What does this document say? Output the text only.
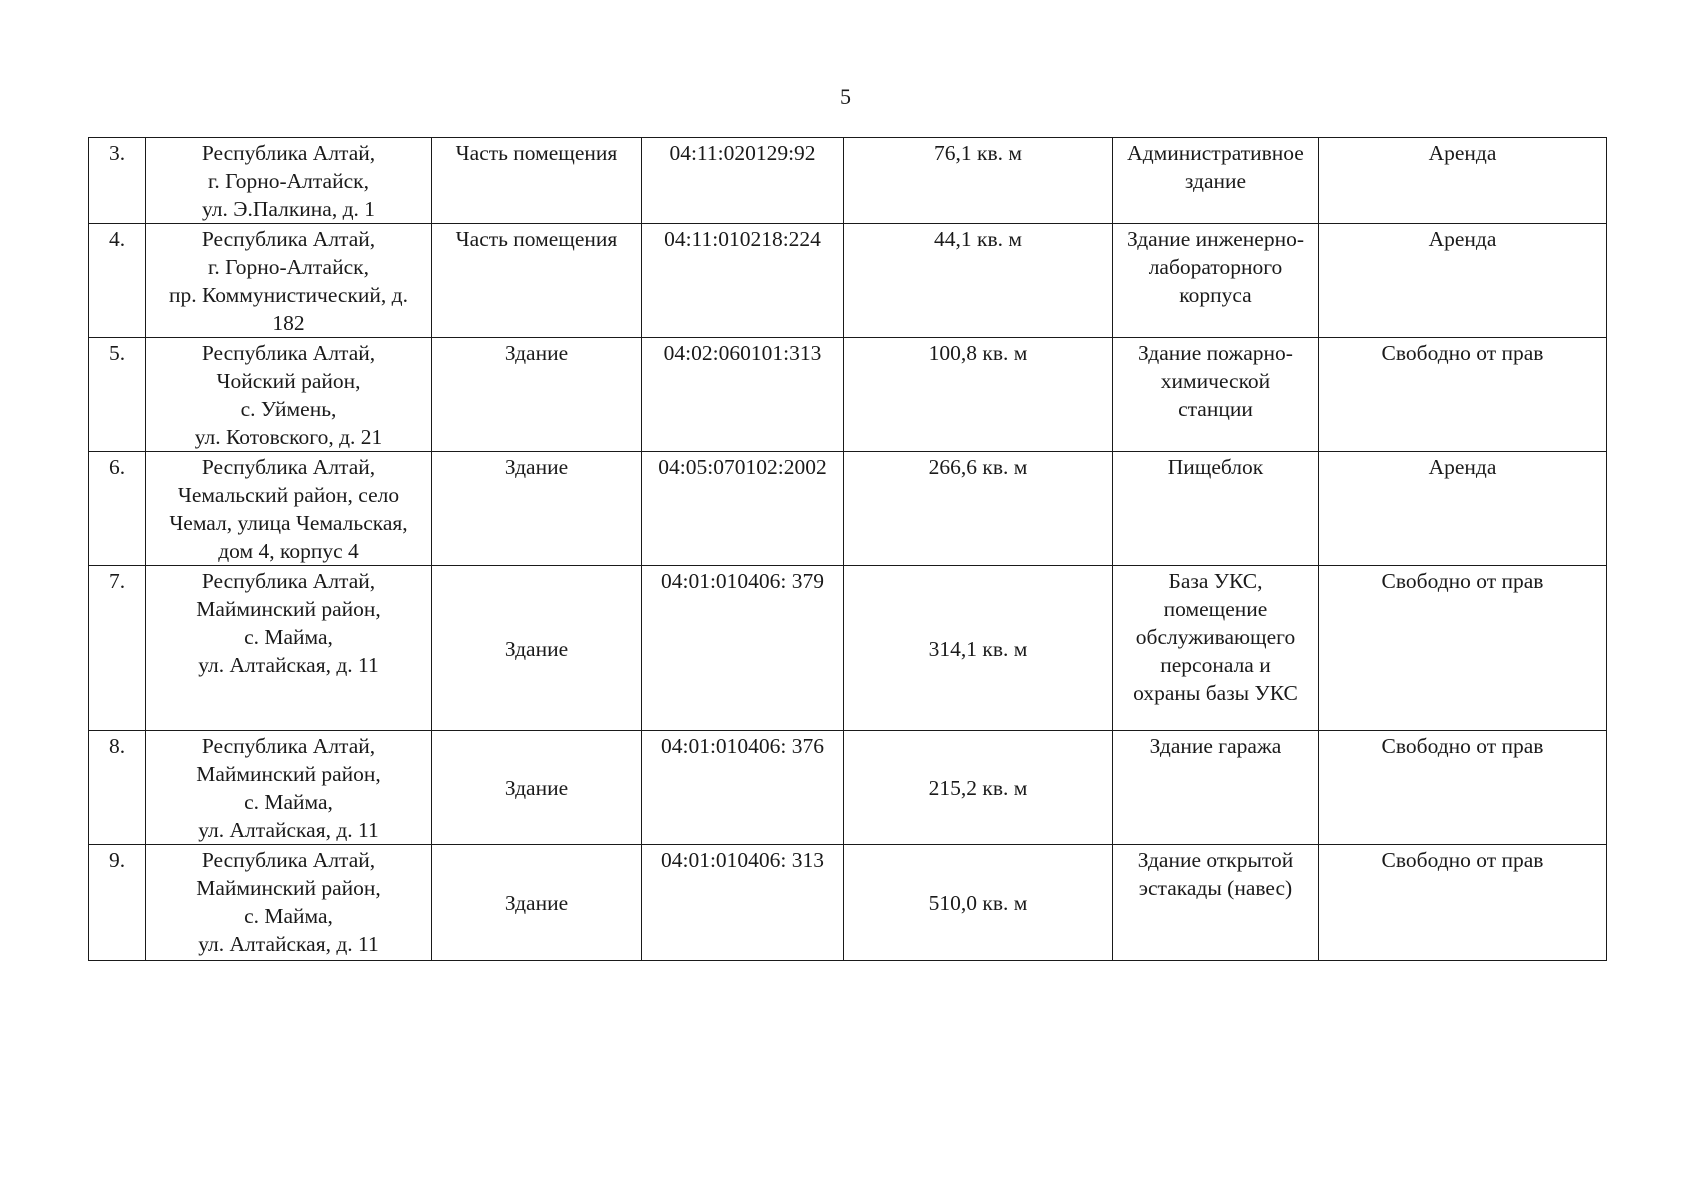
5
3.	Республика Алтай,
г. Горно-Алтайск,
ул. Э.Палкина, д. 1	Часть помещения	04:11:020129:92	76,1 кв. м	Административное
здание	Аренда
4.	Республика Алтай,
г. Горно-Алтайск,
пр. Коммунистический, д.
182	Часть помещения	04:11:010218:224	44,1 кв. м	Здание инженерно-
лабораторного
корпуса	Аренда
5.	Республика Алтай,
Чойский район,
с. Уймень,
ул. Котовского, д. 21	Здание	04:02:060101:313	100,8 кв. м	Здание пожарно-
химической
станции	Свободно от прав
6.	Республика Алтай,
Чемальский район, село
Чемал, улица Чемальская,
дом 4, корпус 4	Здание	04:05:070102:2002	266,6 кв. м	Пищеблок	Аренда
7.	Республика Алтай,
Майминский район,
с. Майма,
ул. Алтайская, д. 11	Здание	04:01:010406: 379	314,1 кв. м	База УКС,
помещение
обслуживающего
персонала и
охраны базы УКС	Свободно от прав
8.	Республика Алтай,
Майминский район,
с. Майма,
ул. Алтайская, д. 11	Здание	04:01:010406: 376	215,2 кв. м	Здание гаража	Свободно от прав
9.	Республика Алтай,
Майминский район,
с. Майма,
ул. Алтайская, д. 11	Здание	04:01:010406: 313	510,0 кв. м	Здание открытой
эстакады (навес)	Свободно от прав
